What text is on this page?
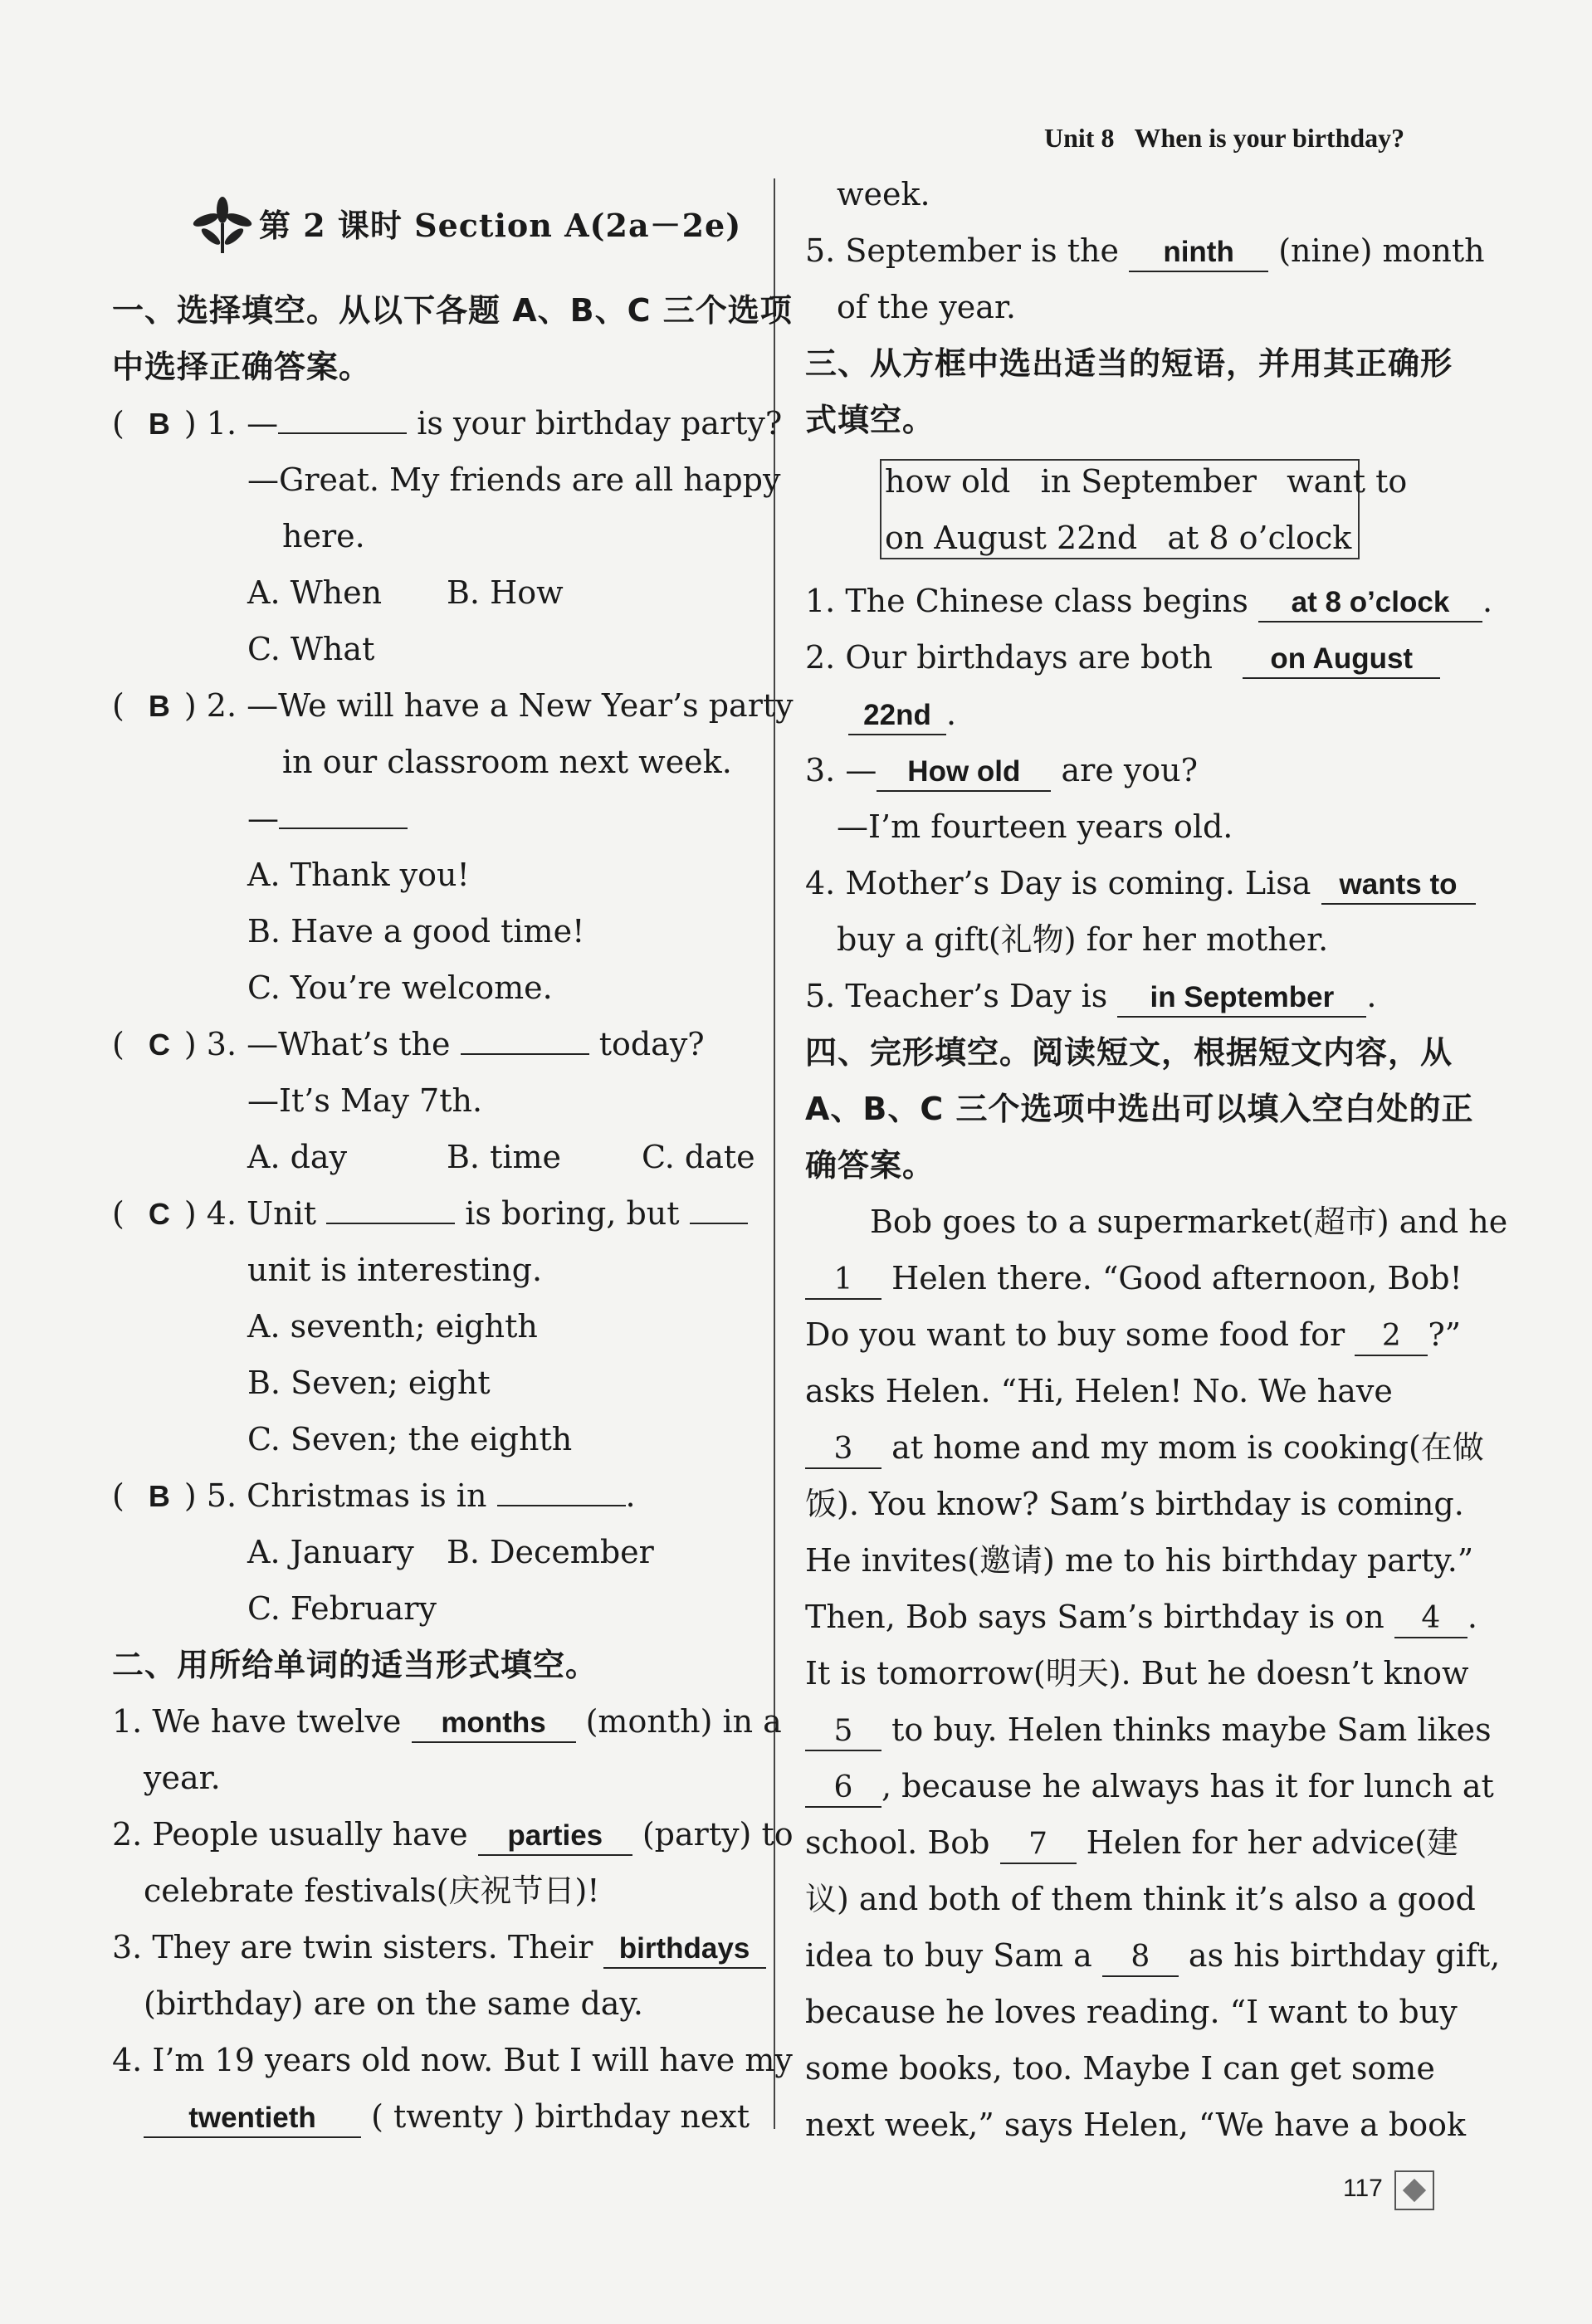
Unit 8 When is your birthday?
第 2 课时 Section A(2a－2e)
一、选择填空。从以下各题 A、B、C 三个选项
中选择正确答案。
( B ) 1. —	is your birthday party?
—Great. My friends are all happy
here.
A. When B. How
C. What
( B ) 2. —We will have a New Year’s party
in our classroom next week.
—
A. Thank you!
B. Have a good time!
C. You’re welcome.
( C ) 3. —What’s the	today?
—It’s May 7th.
A. day	B. time	C. date
( C ) 4. Unit	is boring, but
unit is interesting.
A. seventh; eighth
B. Seven; eight
C. Seven; the eighth
( B ) 5. Christmas is in	.
A. January B. December
C. February
二、用所给单词的适当形式填空。
1. We have twelve months (month) in a
year.
2. People usually have parties (party) to
celebrate festivals(庆祝节日)!
3. They are twin sisters. Their birthdays
(birthday) are on the same day.
4. I’m 19 years old now. But I will have my
twentieth ( twenty ) birthday next
week.
5. September is the ninth (nine) month
of the year.
三、从方框中选出适当的短语，并用其正确形
式填空。
how old in September want to
on August 22nd at 8 o’clock
1. The Chinese class begins at 8 o’clock .
2. Our birthdays are both on August
22nd .
3. — How old are you?
—I’m fourteen years old.
4. Mother’s Day is coming. Lisa wants to
buy a gift(礼物) for her mother.
5. Teacher’s Day is in September .
四、完形填空。阅读短文，根据短文内容，从
A、B、C 三个选项中选出可以填入空白处的正
确答案。
Bob goes to a supermarket(超市) and he
1 Helen there. “Good afternoon, Bob!
Do you want to buy some food for 2 ?”
asks Helen. “Hi, Helen! No. We have
3 at home and my mom is cooking(在做
饭). You know? Sam’s birthday is coming.
He invites(邀请) me to his birthday party.”
Then, Bob says Sam’s birthday is on 4 .
It is tomorrow(明天). But he doesn’t know
5 to buy. Helen thinks maybe Sam likes
6 , because he always has it for lunch at
school. Bob 7 Helen for her advice(建
议) and both of them think it’s also a good
idea to buy Sam a 8 as his birthday gift,
because he loves reading. “I want to buy
some books, too. Maybe I can get some
next week,” says Helen, “We have a book
117
